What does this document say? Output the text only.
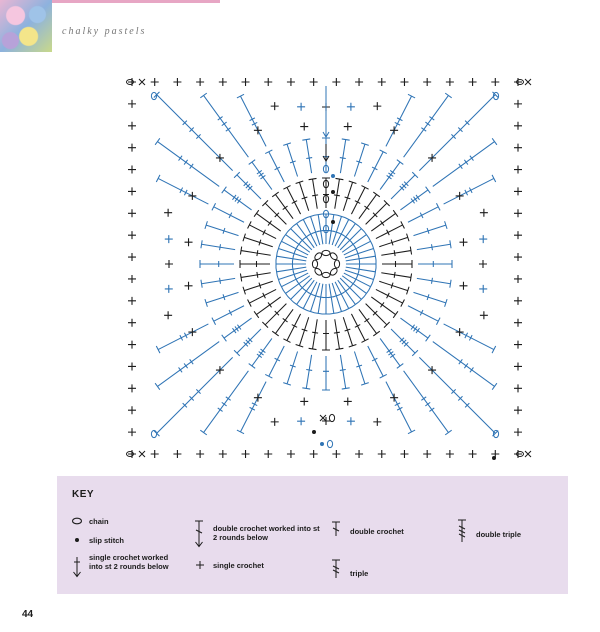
chalky pastels
KEY
chain
slip stitch
single crochet worked into st 2 rounds below
double crochet worked into st 2 rounds below
single crochet
double crochet
triple
double triple
44
